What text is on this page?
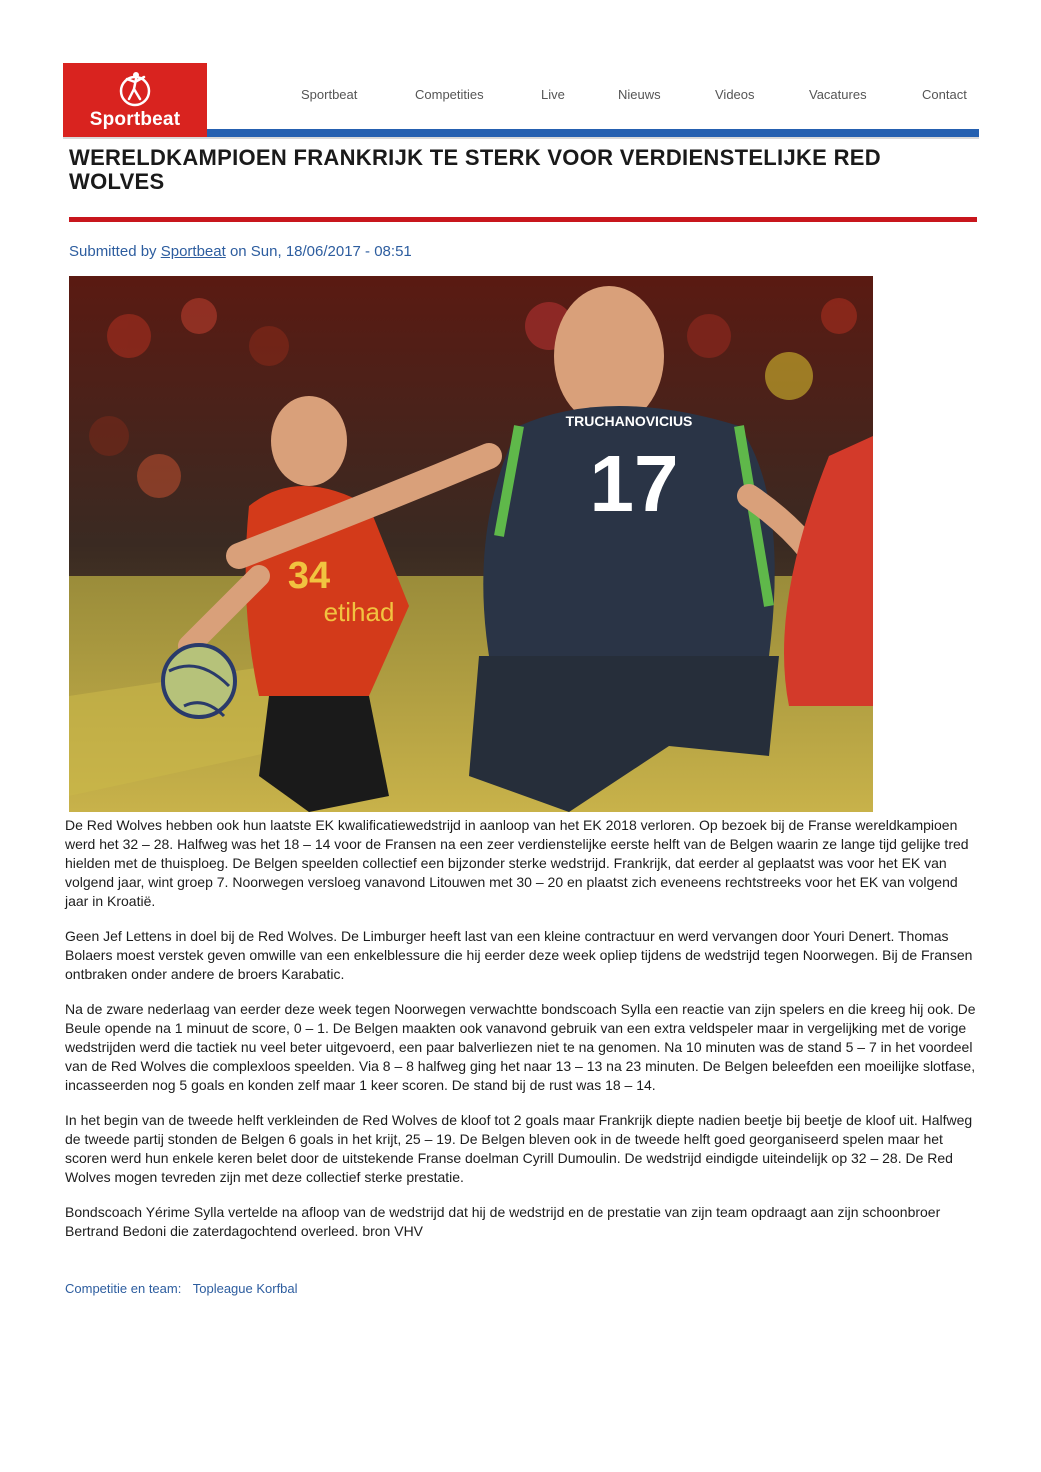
Sportbeat
Sportbeat	Competities	Live	Nieuws	Videos	Vacatures	Contact
WERELDKAMPIOEN FRANKRIJK TE STERK VOOR VERDIENSTELIJKE RED WOLVES
Submitted by Sportbeat on Sun, 18/06/2017 - 08:51
34
etihad
TRUCHANOVICIUS
17

De Red Wolves hebben ook hun laatste EK kwalificatiewedstrijd in aanloop van het EK 2018 verloren. Op bezoek bij de Franse wereldkampioen werd het 32 – 28. Halfweg was het 18 – 14 voor de Fransen na een zeer verdienstelijke eerste helft van de Belgen waarin ze lange tijd gelijke tred hielden met de thuisploeg. De Belgen speelden collectief een bijzonder sterke wedstrijd. Frankrijk, dat eerder al geplaatst was voor het EK van volgend jaar, wint groep 7. Noorwegen versloeg vanavond Litouwen met 30 – 20 en plaatst zich eveneens rechtstreeks voor het EK van volgend jaar in Kroatië.

Geen Jef Lettens in doel bij de Red Wolves. De Limburger heeft last van een kleine contractuur en werd vervangen door Youri Denert. Thomas Bolaers moest verstek geven omwille van een enkelblessure die hij eerder deze week opliep tijdens de wedstrijd tegen Noorwegen. Bij de Fransen ontbraken onder andere de broers Karabatic.

Na de zware nederlaag van eerder deze week tegen Noorwegen verwachtte bondscoach Sylla een reactie van zijn spelers en die kreeg hij ook. De Beule opende na 1 minuut de score, 0 – 1. De Belgen maakten ook vanavond gebruik van een extra veldspeler maar in vergelijking met de vorige wedstrijden werd die tactiek nu veel beter uitgevoerd, een paar balverliezen niet te na genomen. Na 10 minuten was de stand 5 – 7 in het voordeel van de Red Wolves die complexloos speelden. Via 8 – 8 halfweg ging het naar 13 – 13 na 23 minuten. De Belgen beleefden een moeilijke slotfase, incasseerden nog 5 goals en konden zelf maar 1 keer scoren. De stand bij de rust was 18 – 14.

In het begin van de tweede helft verkleinden de Red Wolves de kloof tot 2 goals maar Frankrijk diepte nadien beetje bij beetje de kloof uit. Halfweg de tweede partij stonden de Belgen 6 goals in het krijt, 25 – 19. De Belgen bleven ook in de tweede helft goed georganiseerd spelen maar het scoren werd hun enkele keren belet door de uitstekende Franse doelman Cyrill Dumoulin. De wedstrijd eindigde uiteindelijk op 32 – 28. De Red Wolves mogen tevreden zijn met deze collectief sterke prestatie.

Bondscoach Yérime Sylla vertelde na afloop van de wedstrijd dat hij de wedstrijd en de prestatie van zijn team opdraagt aan zijn schoonbroer Bertrand Bedoni die zaterdagochtend overleed. bron VHV

Competitie en team: Topleague Korfbal
